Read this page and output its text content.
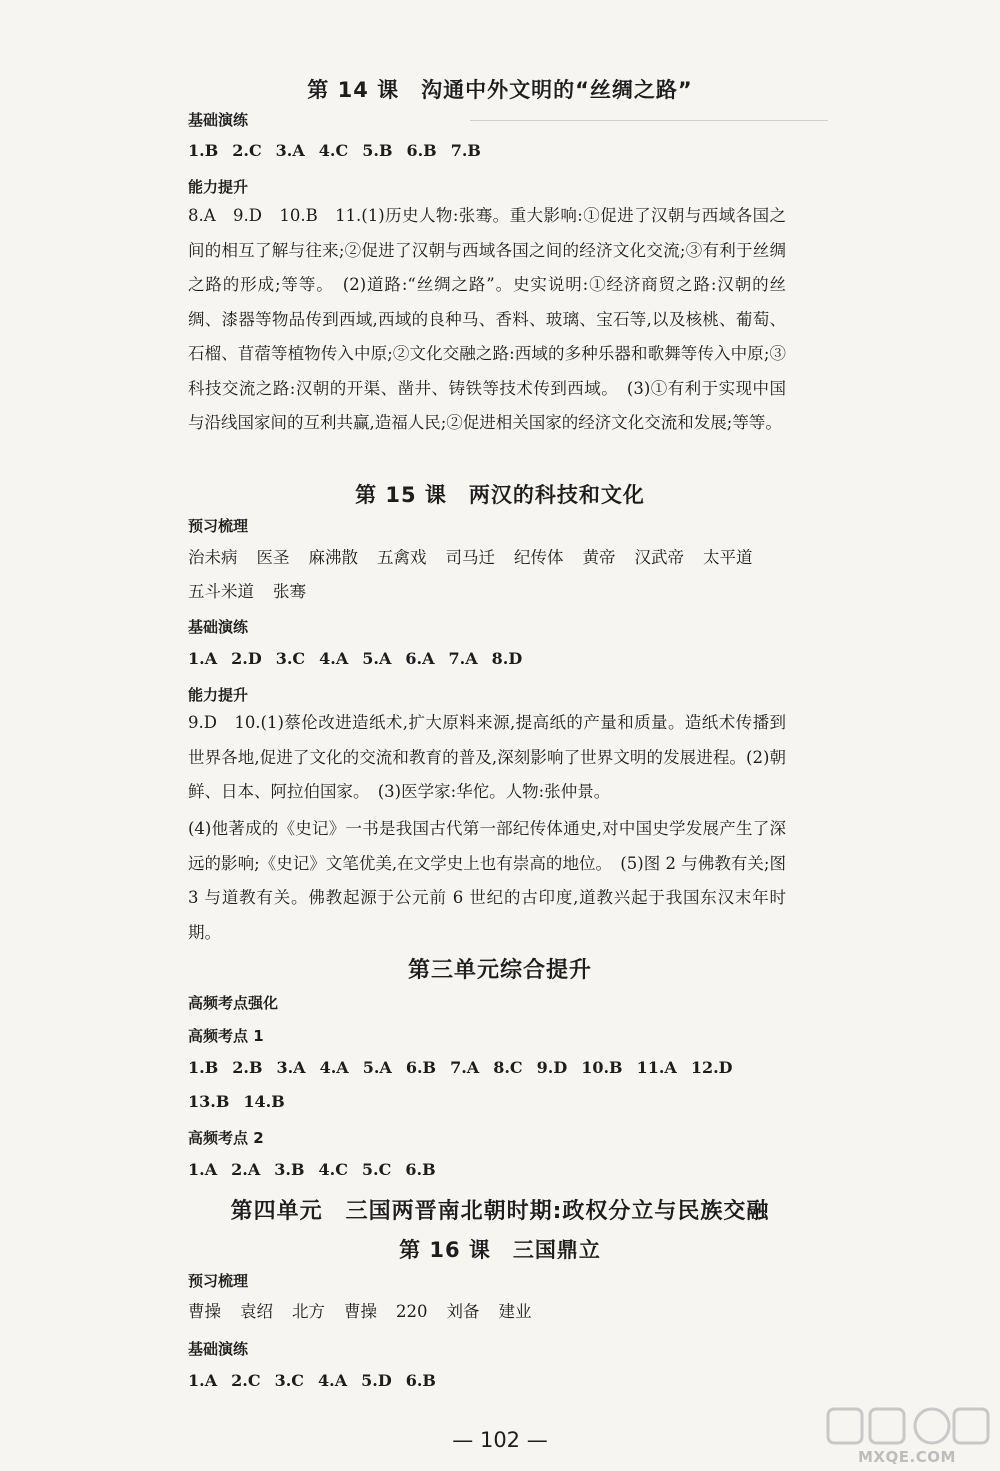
第 14 课　沟通中外文明的“丝绸之路”
基础演练
1.B 2.C 3.A 4.C 5.B 6.B 7.B
能力提升
8.A　9.D　10.B　11.(1)历史人物:张骞。重大影响:①促进了汉朝与西域各国之间的相互了解与往来;②促进了汉朝与西域各国之间的经济文化交流;③有利于丝绸之路的形成;等等。　(2)道路:“丝绸之路”。史实说明:①经济商贸之路:汉朝的丝绸、漆器等物品传到西域,西域的良种马、香料、玻璃、宝石等,以及核桃、葡萄、石榴、苜蓿等植物传入中原;②文化交融之路:西域的多种乐器和歌舞等传入中原;③科技交流之路:汉朝的开渠、凿井、铸铁等技术传到西域。　(3)①有利于实现中国与沿线国家间的互利共赢,造福人民;②促进相关国家的经济文化交流和发展;等等。
第 15 课　两汉的科技和文化
预习梳理
治未病 医圣 麻沸散 五禽戏 司马迁 纪传体 黄帝 汉武帝 太平道五斗米道 张骞
基础演练
1.A 2.D 3.C 4.A 5.A 6.A 7.A 8.D
能力提升
9.D　10.(1)蔡伦改进造纸术,扩大原料来源,提高纸的产量和质量。造纸术传播到世界各地,促进了文化的交流和教育的普及,深刻影响了世界文明的发展进程。(2)朝鲜、日本、阿拉伯国家。　(3)医学家:华佗。人物:张仲景。
(4)他著成的《史记》一书是我国古代第一部纪传体通史,对中国史学发展产生了深远的影响;《史记》文笔优美,在文学史上也有崇高的地位。　(5)图 2 与佛教有关;图 3 与道教有关。佛教起源于公元前 6 世纪的古印度,道教兴起于我国东汉末年时期。
第三单元综合提升
高频考点强化
高频考点 1
1.B 2.B 3.A 4.A 5.A 6.B 7.A 8.C 9.D 10.B 11.A 12.D
13.B 14.B
高频考点 2
1.A 2.A 3.B 4.C 5.C 6.B
第四单元　三国两晋南北朝时期:政权分立与民族交融
第 16 课　三国鼎立
预习梳理
曹操 袁绍 北方 曹操 220 刘备 建业
基础演练
1.A 2.C 3.C 4.A 5.D 6.B
— 102 —
MXQE.COM
